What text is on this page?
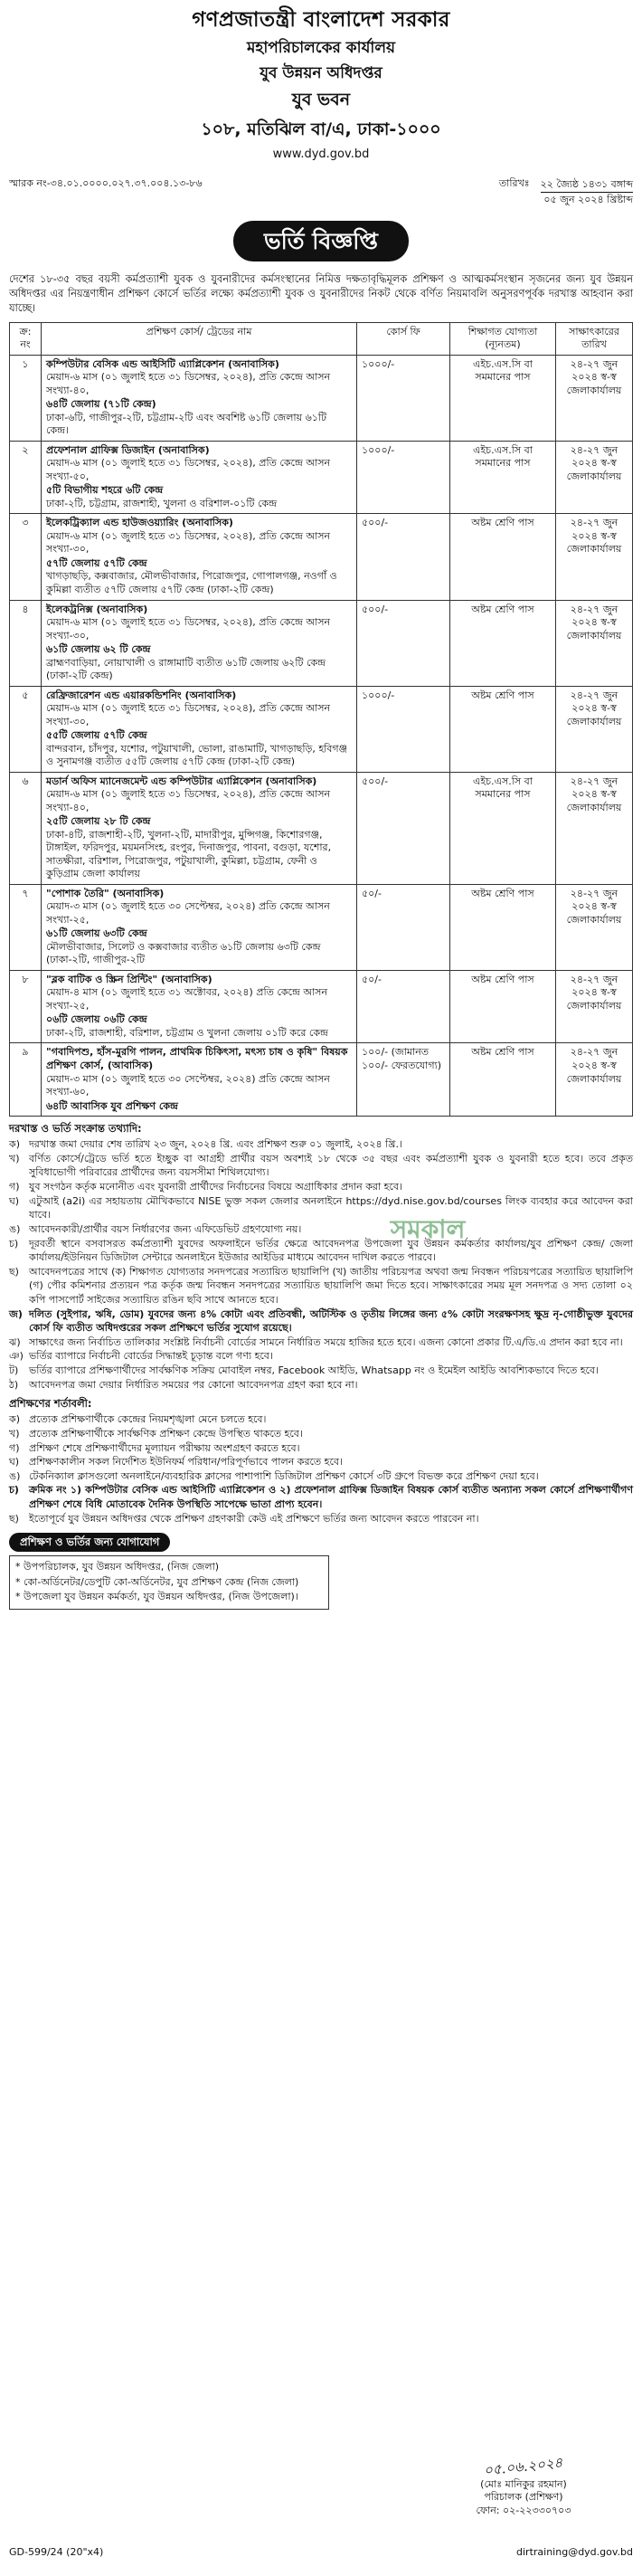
গণপ্রজাতন্ত্রী বাংলাদেশ সরকার
মহাপরিচালকের কার্যালয়
যুব উন্নয়ন অধিদপ্তর
যুব ভবন
১০৮, মতিঝিল বা/এ, ঢাকা-১০০০
www.dyd.gov.bd
স্মারক নং-৩৪.০১.০০০০.০২৭.৩৭.০০৪.১৩-৮৬	তারিখঃ ২২ জ্যৈষ্ঠ ১৪৩১ বঙ্গাব্দ
০৫ জুন ২০২৪ খ্রিষ্টাব্দ
ভর্তি বিজ্ঞপ্তি
দেশের ১৮-৩৫ বছর বয়সী কর্মপ্রত্যাশী যুবক ও যুবনারীদের কর্মসংস্থানের নিমিত্ত দক্ষতাবৃদ্ধিমূলক প্রশিক্ষণ ও আত্মকর্মসংস্থান সৃজনের জন্য যুব উন্নয়ন অধিদপ্তর এর নিয়ন্ত্রণাধীন প্রশিক্ষণ কোর্সে ভর্তির লক্ষ্যে কর্মপ্রত্যাশী যুবক ও যুবনারীদের নিকট থেকে বর্ণিত নিয়মাবলি অনুসরণপূর্বক দরখাস্ত আহবান করা যাচ্ছে।
ক্র: নং	প্রশিক্ষণ কোর্স/ ট্রেডের নাম	কোর্স ফি	শিক্ষাগত যোগ্যতা (ন্যূনতম)	সাক্ষাৎকারের তারিখ
১	কম্পিউটার বেসিক এন্ড আইসিটি এ্যাপ্লিকেশন (অনাবাসিক)
মেয়াদ-৬ মাস (০১ জুলাই হতে ৩১ ডিসেম্বর, ২০২৪), প্রতি কেন্দ্রে আসন সংখ্যা-৪০,
৬৪টি জেলায় (৭১টি কেন্দ্র)
ঢাকা-৬টি, গাজীপুর-২টি, চট্টগ্রাম-২টি এবং অবশিষ্ট ৬১টি জেলায় ৬১টি কেন্দ্র।	১০০০/-	এইচ.এস.সি বা সমমানের পাস	২৪-২৭ জুন ২০২৪ স্ব-স্ব জেলাকার্যালয়
২	প্রফেশনাল গ্রাফিক্স ডিজাইন (অনাবাসিক)
মেয়াদ-৬ মাস (০১ জুলাই হতে ৩১ ডিসেম্বর, ২০২৪), প্রতি কেন্দ্রে আসন সংখ্যা-৫০,
৫টি বিভাগীয় শহরে ৬টি কেন্দ্র
ঢাকা-২টি, চট্টগ্রাম, রাজশাহী, খুলনা ও বরিশাল-০১টি কেন্দ্র	১০০০/-	এইচ.এস.সি বা সমমানের পাস	২৪-২৭ জুন ২০২৪ স্ব-স্ব জেলাকার্যালয়
৩	ইলেকট্রিক্যাল এন্ড হাউজওয়্যারিং (অনাবাসিক)
মেয়াদ-৬ মাস (০১ জুলাই হতে ৩১ ডিসেম্বর, ২০২৪), প্রতি কেন্দ্রে আসন সংখ্যা-৩০,
৫৭টি জেলায় ৫৭টি কেন্দ্র
খাগড়াছড়ি, কক্সবাজার, মৌলভীবাজার, পিরোজপুর, গোপালগঞ্জ, নওগাঁ ও কুমিল্লা ব্যতীত ৫৭টি জেলায় ৫৭টি কেন্দ্র (ঢাকা-২টি কেন্দ্র)	৫০০/-	অষ্টম শ্রেণি পাস	২৪-২৭ জুন ২০২৪ স্ব-স্ব জেলাকার্যালয়
৪	ইলেকট্রনিক্স (অনাবাসিক)
মেয়াদ-৬ মাস (০১ জুলাই হতে ৩১ ডিসেম্বর, ২০২৪), প্রতি কেন্দ্রে আসন সংখ্যা-৩০,
৬১টি জেলায় ৬২ টি কেন্দ্র
ব্রাহ্মণবাড়িয়া, নোয়াখালী ও রাঙ্গামাটি ব্যতীত ৬১টি জেলায় ৬২টি কেন্দ্র (ঢাকা-২টি কেন্দ্র)	৫০০/-	অষ্টম শ্রেণি পাস	২৪-২৭ জুন ২০২৪ স্ব-স্ব জেলাকার্যালয়
৫	রেফ্রিজারেশন এন্ড এয়ারকন্ডিশনিং (অনাবাসিক)
মেয়াদ-৬ মাস (০১ জুলাই হতে ৩১ ডিসেম্বর, ২০২৪), প্রতি কেন্দ্রে আসন সংখ্যা-৩০,
৫৫টি জেলায় ৫৭টি কেন্দ্র
বান্দরবান, চাঁদপুর, যশোর, পটুয়াখালী, ভোলা, রাঙামাটি, খাগড়াছড়ি, হবিগঞ্জ ও সুনামগঞ্জ ব্যতীত ৫৫টি জেলায় ৫৭টি কেন্দ্র (ঢাকা-২টি কেন্দ্র)	১০০০/-	অষ্টম শ্রেণি পাস	২৪-২৭ জুন ২০২৪ স্ব-স্ব জেলাকার্যালয়
৬	মডার্ন অফিস ম্যানেজমেন্ট এন্ড কম্পিউটার এ্যাপ্লিকেশন (অনাবাসিক)
মেয়াদ-৬ মাস (০১ জুলাই হতে ৩১ ডিসেম্বর, ২০২৪), প্রতি কেন্দ্রে আসন সংখ্যা-৪০,
২৫টি জেলায় ২৮ টি কেন্দ্র
ঢাকা-৪টি, রাজশাহী-২টি, খুলনা-২টি, মাদারীপুর, মুন্সিগঞ্জ, কিশোরগঞ্জ, টাঙ্গাইল, ফরিদপুর, ময়মনসিংহ, রংপুর, দিনাজপুর, পাবনা, বগুড়া, যশোর, সাতক্ষীরা, বরিশাল, পিরোজপুর, পটুয়াখালী, কুমিল্লা, চট্টগ্রাম, ফেনী ও কুড়িগ্রাম জেলা কার্যালয়	৫০০/-	এইচ.এস.সি বা সমমানের পাস	২৪-২৭ জুন ২০২৪ স্ব-স্ব জেলাকার্যালয়
৭	"পোশাক তৈরি" (অনাবাসিক)
মেয়াদ-৩ মাস (০১ জুলাই হতে ৩০ সেপ্টেম্বর, ২০২৪) প্রতি কেন্দ্রে আসন সংখ্যা-২৫,
৬১টি জেলায় ৬৩টি কেন্দ্র
মৌলভীবাজার, সিলেট ও কক্সবাজার ব্যতীত ৬১টি জেলায় ৬৩টি কেন্দ্র (ঢাকা-২টি, গাজীপুর-২টি	৫০/-	অষ্টম শ্রেণি পাস	২৪-২৭ জুন ২০২৪ স্ব-স্ব জেলাকার্যালয়
৮	"ব্লক বাটিক ও স্ক্রিন প্রিন্টিং" (অনাবাসিক)
মেয়াদ-৪ মাস (০১ জুলাই হতে ৩১ অক্টোবর, ২০২৪) প্রতি কেন্দ্রে আসন সংখ্যা-২৫,
০৬টি জেলায় ০৬টি কেন্দ্র
ঢাকা-২টি, রাজশাহী, বরিশাল, চট্টগ্রাম ও খুলনা জেলায় ০১টি করে কেন্দ্র	৫০/-	অষ্টম শ্রেণি পাস	২৪-২৭ জুন ২০২৪ স্ব-স্ব জেলাকার্যালয়
৯	"গবাদিপশু, হাঁস-মুরগি পালন, প্রাথমিক চিকিৎসা, মৎস্য চাষ ও কৃষি" বিষয়ক প্রশিক্ষণ কোর্স, (আবাসিক)
মেয়াদ-৩ মাস (০১ জুলাই হতে ৩০ সেপ্টেম্বর, ২০২৪) প্রতি কেন্দ্রে আসন সংখ্যা-৬০,
৬৪টি আবাসিক যুব প্রশিক্ষণ কেন্দ্র	১০০/- (জামানত ১০০/- ফেরতযোগ্য)	অষ্টম শ্রেণি পাস	২৪-২৭ জুন ২০২৪ স্ব-স্ব জেলাকার্যালয়
দরখাস্ত ও ভর্তি সংক্রান্ত তথ্যাদি:
ক) দরখাস্ত জমা দেয়ার শেষ তারিখ ২৩ জুন, ২০২৪ খ্রি. এবং প্রশিক্ষণ শুরু ০১ জুলাই, ২০২৪ খ্রি.।
খ) বর্ণিত কোর্সে/ট্রেডে ভর্তি হতে ইচ্ছুক বা আগ্রহী প্রার্থীর বয়স অবশ্যই ১৮ থেকে ৩৫ বছর এবং কর্মপ্রত্যাশী যুবক ও যুবনারী হতে হবে। তবে প্রকৃত সুবিধাভোগী পরিবারের প্রার্থীদের জন্য বয়সসীমা শিথিলযোগ্য।
গ) যুব সংগঠন কর্তৃক মনোনীত এবং যুবনারী প্রার্থীদের নির্বাচনের বিষয়ে অগ্রাধিকার প্রদান করা হবে।
ঘ) এটুআই (a2i) এর সহায়তায় মৌখিকভাবে NISE ভুক্ত সকল জেলার অনলাইনে https://dyd.nise.gov.bd/courses লিংক ব্যবহার করে আবেদন করা যাবে।
ঙ) আবেদনকারী/প্রার্থীর বয়স নির্ধারণের জন্য এফিডেভিট গ্রহণযোগ্য নয়।
চ)	দূরবর্তী স্থানে বসবাসরত কর্মপ্রত্যাশী যুবদের অফলাইনে ভর্তির ক্ষেত্রে আবেদনপত্র উপজেলা যুব উন্নয়ন কর্মকর্তার কার্যালয়/যুব প্রশিক্ষণ কেন্দ্র/ জেলা কার্যালয়/ইউনিয়ন ডিজিটাল সেন্টারে অনলাইনে ইউজার আইডির মাধ্যমে আবেদন দাখিল করতে পারবে।
ছ)	আবেদনপত্রের সাথে (ক) শিক্ষাগত যোগ্যতার সনদপত্রের সত্যায়িত ছায়ালিপি (খ) জাতীয় পরিচয়পত্র অথবা জন্ম নিবন্ধন পরিচয়পত্রের সত্যায়িত ছায়ালিপি (গ) পৌর কমিশনার প্রত্যয়ন পত্র কর্তৃক জন্ম নিবন্ধন সনদপত্রের সত্যায়িত ছায়ালিপি জমা দিতে হবে। সাক্ষাৎকারের সময় মূল সনদপত্র ও সদ্য তোলা ০২ কপি পাসপোর্ট সাইজের সত্যায়িত রঙিন ছবি সাথে আনতে হবে।
জ) দলিত (সুইপার, ঋষি, ডোম) যুবদের জন্য ৪% কোটা এবং প্রতিবন্ধী, অটিস্টিক ও তৃতীয় লিঙ্গের জন্য ৫% কোটা সংরক্ষণসহ ক্ষুদ্র নৃ-গোষ্ঠীভুক্ত যুবদের কোর্স ফি ব্যতীত অধিদপ্তরের সকল প্রশিক্ষণে ভর্তির সুযোগ রয়েছে।
ঝ) সাক্ষাৎের জন্য নির্বাচিত তালিকার সংশ্লিষ্ট নির্বাচনী বোর্ডের সামনে নির্ধারিত সময়ে হাজির হতে হবে। এজন্য কোনো প্রকার টি.এ/ডি.এ প্রদান করা হবে না।
ঞ) ভর্তির ব্যাপারে নির্বাচনী বোর্ডের সিদ্ধান্তই চূড়ান্ত বলে গণ্য হবে।
ট)	ভর্তির ব্যাপারে প্রশিক্ষণার্থীদের সার্বক্ষণিক সক্রিয় মোবাইল নম্বর, Facebook আইডি, Whatsapp নং ও ইমেইল আইডি আবশ্যিকভাবে দিতে হবে।
ঠ)	আবেদনপত্র জমা দেয়ার নির্ধারিত সময়ের পর কোনো আবেদনপত্র গ্রহণ করা হবে না।
প্রশিক্ষণের শর্তাবলী:
ক) প্রত্যেক প্রশিক্ষণার্থীকে কেন্দ্রের নিয়মশৃঙ্খলা মেনে চলতে হবে।
খ) প্রত্যেক প্রশিক্ষণার্থীকে সার্বক্ষণিক প্রশিক্ষণ কেন্দ্রে উপস্থিত থাকতে হবে।
গ) প্রশিক্ষণ শেষে প্রশিক্ষণার্থীদের মূল্যায়ন পরীক্ষায় অংশগ্রহণ করতে হবে।
ঘ) প্রশিক্ষণকালীন সকল নির্দেশিত ইউনিফর্ম পরিধান/পরিপূর্ণভাবে পালন করতে হবে।
ঙ) টেকনিক্যাল ক্লাসগুলো অনলাইনে/ব্যবহারিক ক্লাসের পাশাপাশি ডিজিটাল প্রশিক্ষণ কোর্সে ৩টি গ্রুপে বিভক্ত করে প্রশিক্ষণ দেয়া হবে।
চ)	ক্রমিক নং ১) কম্পিউটার বেসিক এন্ড আইসিটি এ্যাপ্লিকেশন ও ২) প্রফেশনাল গ্রাফিক্স ডিজাইন বিষয়ক কোর্স ব্যতীত অন্যান্য সকল কোর্সে প্রশিক্ষণার্থীগণ প্রশিক্ষণ শেষে বিধি মোতাবেক দৈনিক উপস্থিতি সাপেক্ষে ভাতা প্রাপ্য হবেন।
ছ)	ইতোপূর্বে যুব উন্নয়ন অধিদপ্তর থেকে প্রশিক্ষণ গ্রহণকারী কেউ এই প্রশিক্ষণে ভর্তির জন্য আবেদন করতে পারবেন না।
প্রশিক্ষণ ও ভর্তির জন্য যোগাযোগ
* উপপরিচালক, যুব উন্নয়ন অধিদপ্তর, (নিজ জেলা)
* কো-অর্ডিনেটর/ডেপুটি কো-অর্ডিনেটর, যুব প্রশিক্ষণ কেন্দ্র (নিজ জেলা)
* উপজেলা যুব উন্নয়ন কর্মকর্তা, যুব উন্নয়ন অধিদপ্তর, (নিজ উপজেলা)।
০৫.০৬.২০২৪
(মোঃ মানিকুর রহমান)
পরিচালক (প্রশিক্ষণ)
ফোন: ০২-২২৩৩০৭০৩
সমকাল
GD-599/24 (20"x4)	dirtraining@dyd.gov.bd
